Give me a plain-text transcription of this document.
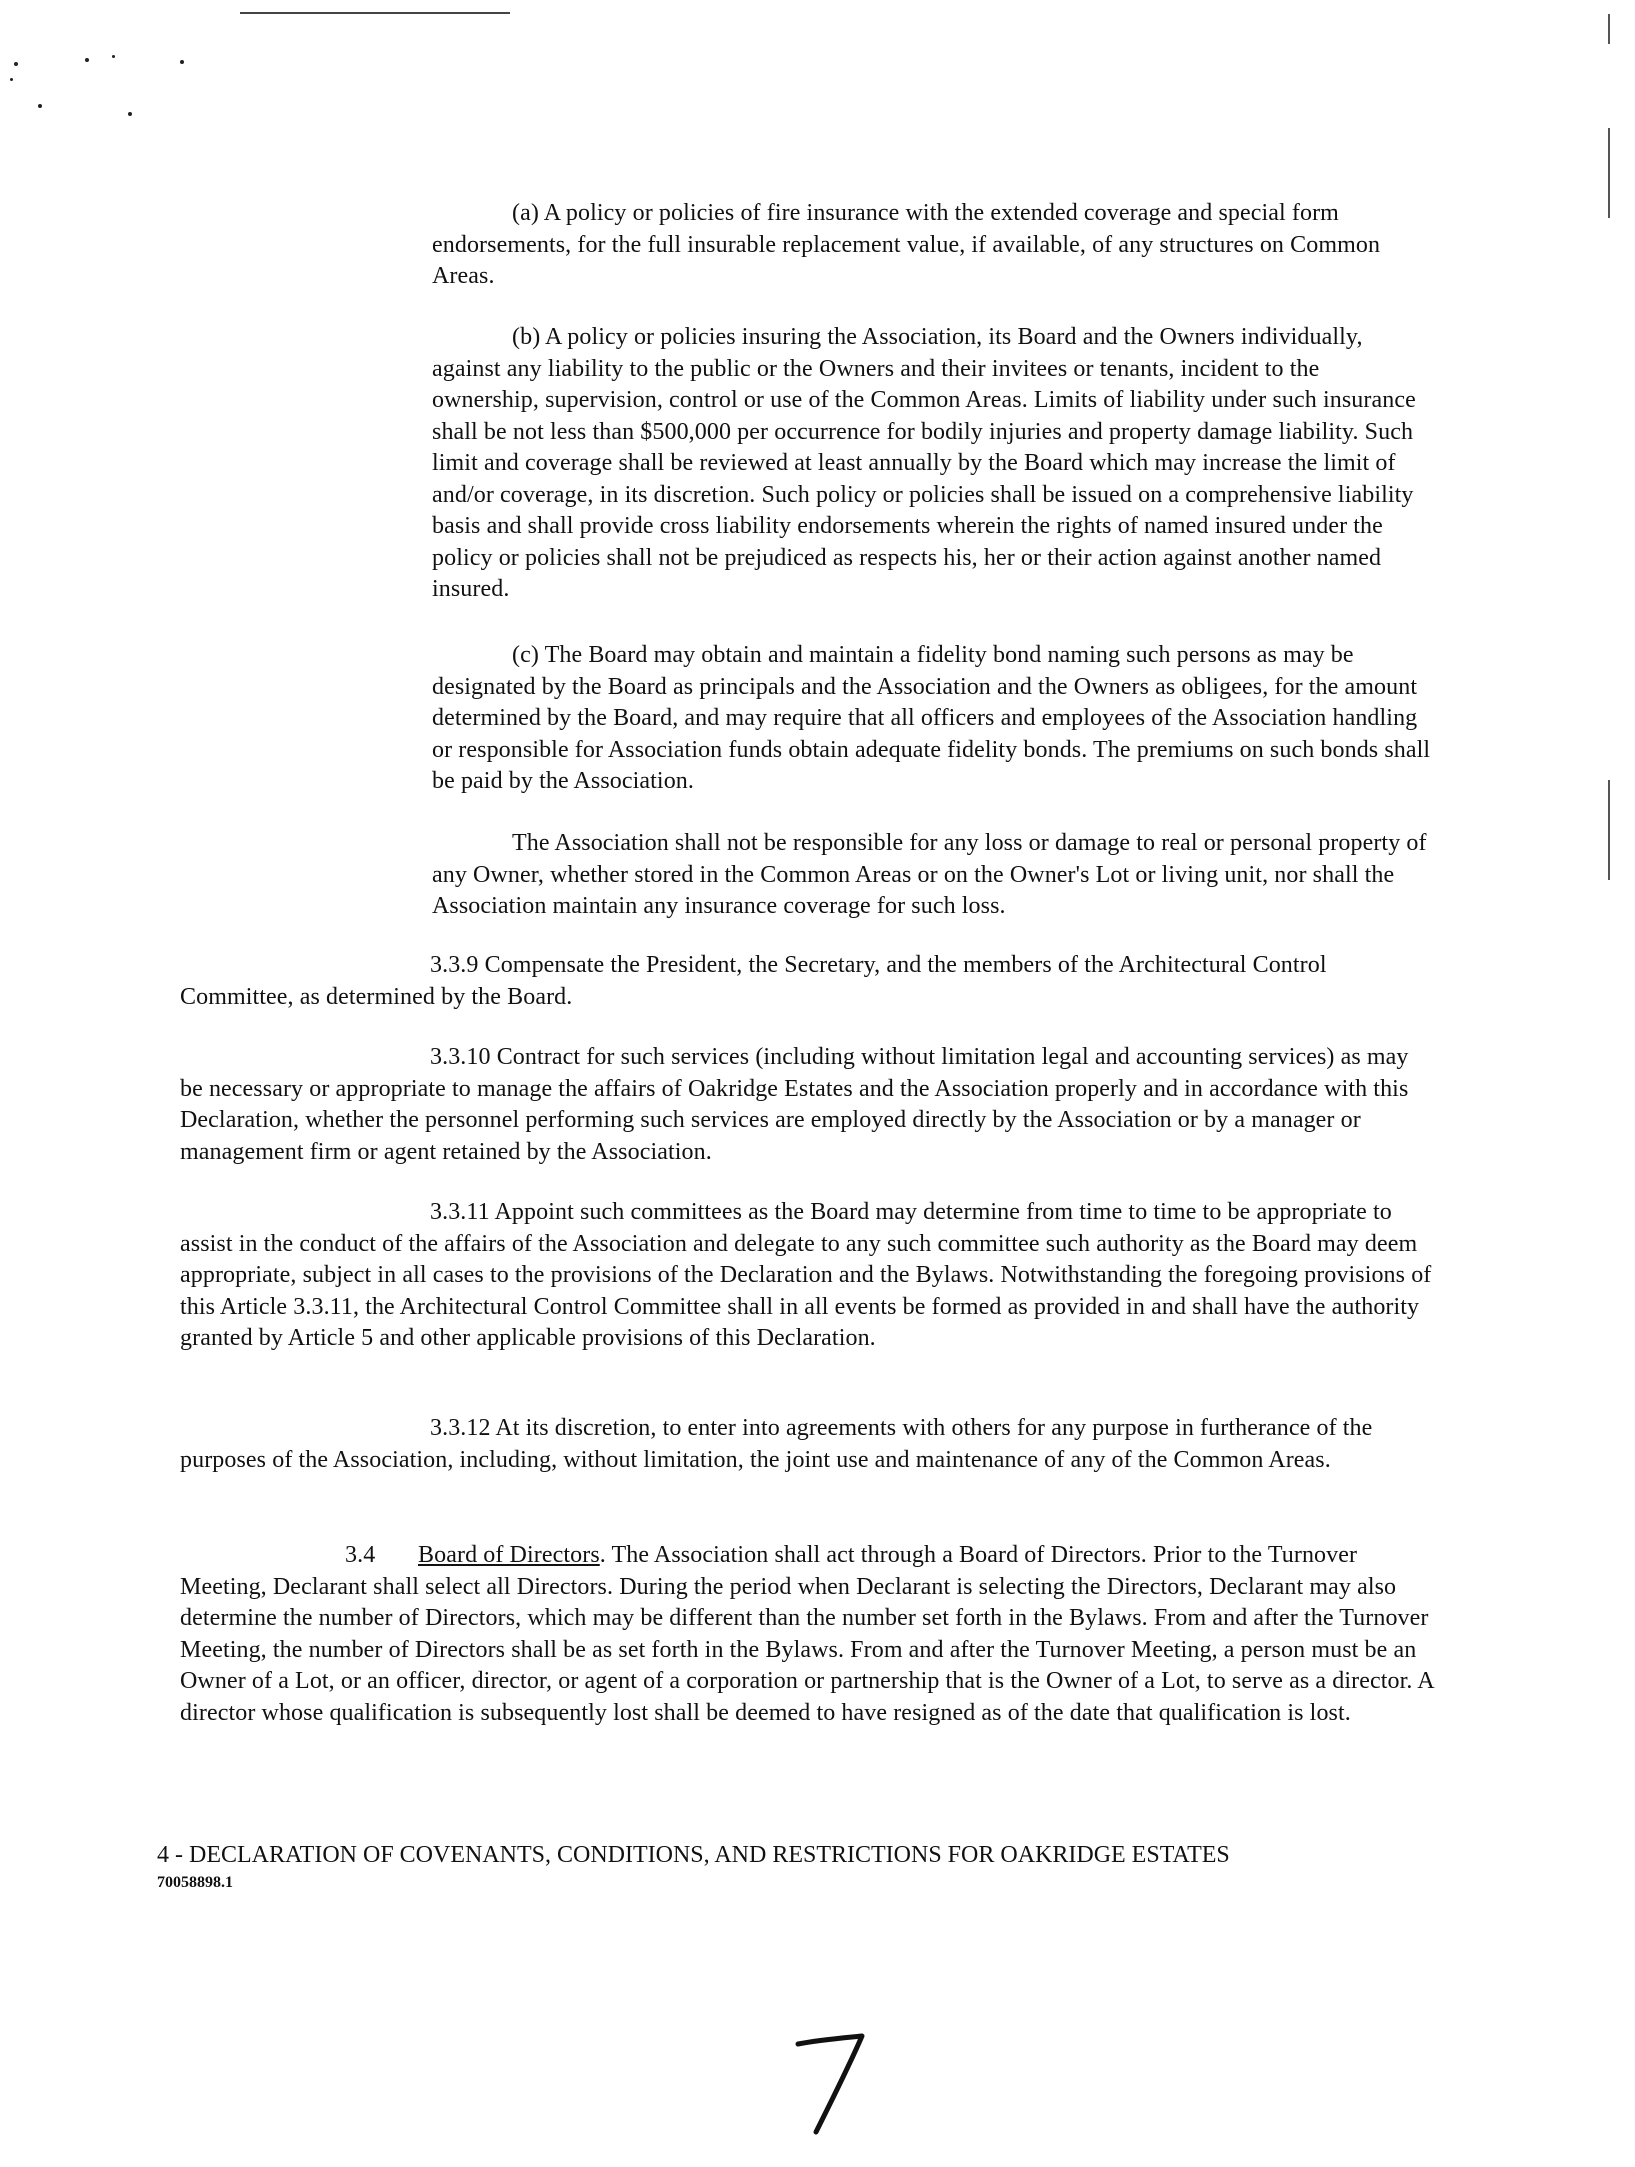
(a) A policy or policies of fire insurance with the extended coverage and special form endorsements, for the full insurable replacement value, if available, of any structures on Common Areas.

(b) A policy or policies insuring the Association, its Board and the Owners individually, against any liability to the public or the Owners and their invitees or tenants, incident to the ownership, supervision, control or use of the Common Areas. Limits of liability under such insurance shall be not less than $500,000 per occurrence for bodily injuries and property damage liability. Such limit and coverage shall be reviewed at least annually by the Board which may increase the limit of and/or coverage, in its discretion. Such policy or policies shall be issued on a comprehensive liability basis and shall provide cross liability endorsements wherein the rights of named insured under the policy or policies shall not be prejudiced as respects his, her or their action against another named insured.

(c) The Board may obtain and maintain a fidelity bond naming such persons as may be designated by the Board as principals and the Association and the Owners as obligees, for the amount determined by the Board, and may require that all officers and employees of the Association handling or responsible for Association funds obtain adequate fidelity bonds. The premiums on such bonds shall be paid by the Association.

The Association shall not be responsible for any loss or damage to real or personal property of any Owner, whether stored in the Common Areas or on the Owner's Lot or living unit, nor shall the Association maintain any insurance coverage for such loss.

3.3.9 Compensate the President, the Secretary, and the members of the Architectural Control Committee, as determined by the Board.

3.3.10 Contract for such services (including without limitation legal and accounting services) as may be necessary or appropriate to manage the affairs of Oakridge Estates and the Association properly and in accordance with this Declaration, whether the personnel performing such services are employed directly by the Association or by a manager or management firm or agent retained by the Association.

3.3.11 Appoint such committees as the Board may determine from time to time to be appropriate to assist in the conduct of the affairs of the Association and delegate to any such committee such authority as the Board may deem appropriate, subject in all cases to the provisions of the Declaration and the Bylaws. Notwithstanding the foregoing provisions of this Article 3.3.11, the Architectural Control Committee shall in all events be formed as provided in and shall have the authority granted by Article 5 and other applicable provisions of this Declaration.

3.3.12 At its discretion, to enter into agreements with others for any purpose in furtherance of the purposes of the Association, including, without limitation, the joint use and maintenance of any of the Common Areas.

3.4 Board of Directors. The Association shall act through a Board of Directors. Prior to the Turnover Meeting, Declarant shall select all Directors. During the period when Declarant is selecting the Directors, Declarant may also determine the number of Directors, which may be different than the number set forth in the Bylaws. From and after the Turnover Meeting, the number of Directors shall be as set forth in the Bylaws. From and after the Turnover Meeting, a person must be an Owner of a Lot, or an officer, director, or agent of a corporation or partnership that is the Owner of a Lot, to serve as a director. A director whose qualification is subsequently lost shall be deemed to have resigned as of the date that qualification is lost.

4 - DECLARATION OF COVENANTS, CONDITIONS, AND RESTRICTIONS FOR OAKRIDGE ESTATES
70058898.1
